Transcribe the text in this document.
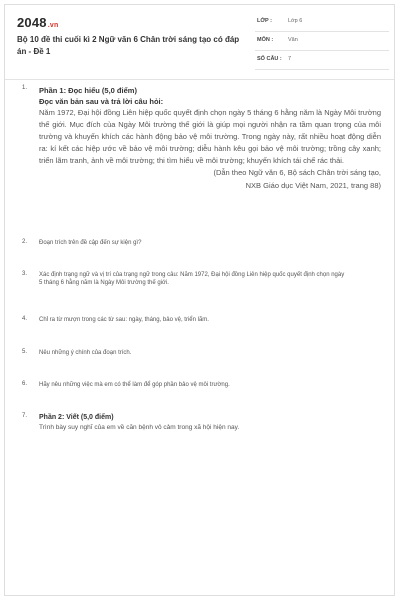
2048.vn
Bộ 10 đề thi cuối kì 2 Ngữ văn 6 Chân trời sáng tạo có đáp án - Đề 1
LỚP :	Lớp 6
MÔN :	Văn
SỐ CÂU : 7
1. Phần 1: Đọc hiểu (5,0 điểm)
Đọc văn bản sau và trả lời câu hỏi:
Năm 1972, Đại hội đồng Liên hiệp quốc quyết định chọn ngày 5 tháng 6 hằng năm là Ngày Môi trường thế giới. Mục đích của Ngày Môi trường thế giới là giúp mọi người nhận ra tầm quan trọng của môi trường và khuyến khích các hành động bảo vệ môi trường. Trong ngày này, rất nhiều hoạt động diễn ra: kí kết các hiệp ước về bảo vệ môi trường; diễu hành kêu gọi bảo vệ môi trường; trồng cây xanh; triển lãm tranh, ảnh về môi trường; thi tìm hiểu về môi trường; khuyến khích tái chế rác thải.
(Dẫn theo Ngữ văn 6, Bộ sách Chân trời sáng tạo,
NXB Giáo dục Việt Nam, 2021, trang 88)
2. Đoạn trích trên đề cập đến sự kiện gì?
3. Xác định trạng ngữ và vị trí của trạng ngữ trong câu: Năm 1972, Đại hội đồng Liên hiệp quốc quyết định chọn ngày 5 tháng 6 hằng năm là Ngày Môi trường thế giới.
4. Chỉ ra từ mượn trong các từ sau: ngày, tháng, bảo vệ, triển lãm.
5. Nêu những ý chính của đoạn trích.
6. Hãy nêu những việc mà em có thể làm để góp phần bảo vệ môi trường.
7. Phần 2: Viết (5,0 điểm)
Trình bày suy nghĩ của em về căn bệnh vô cảm trong xã hội hiện nay.
